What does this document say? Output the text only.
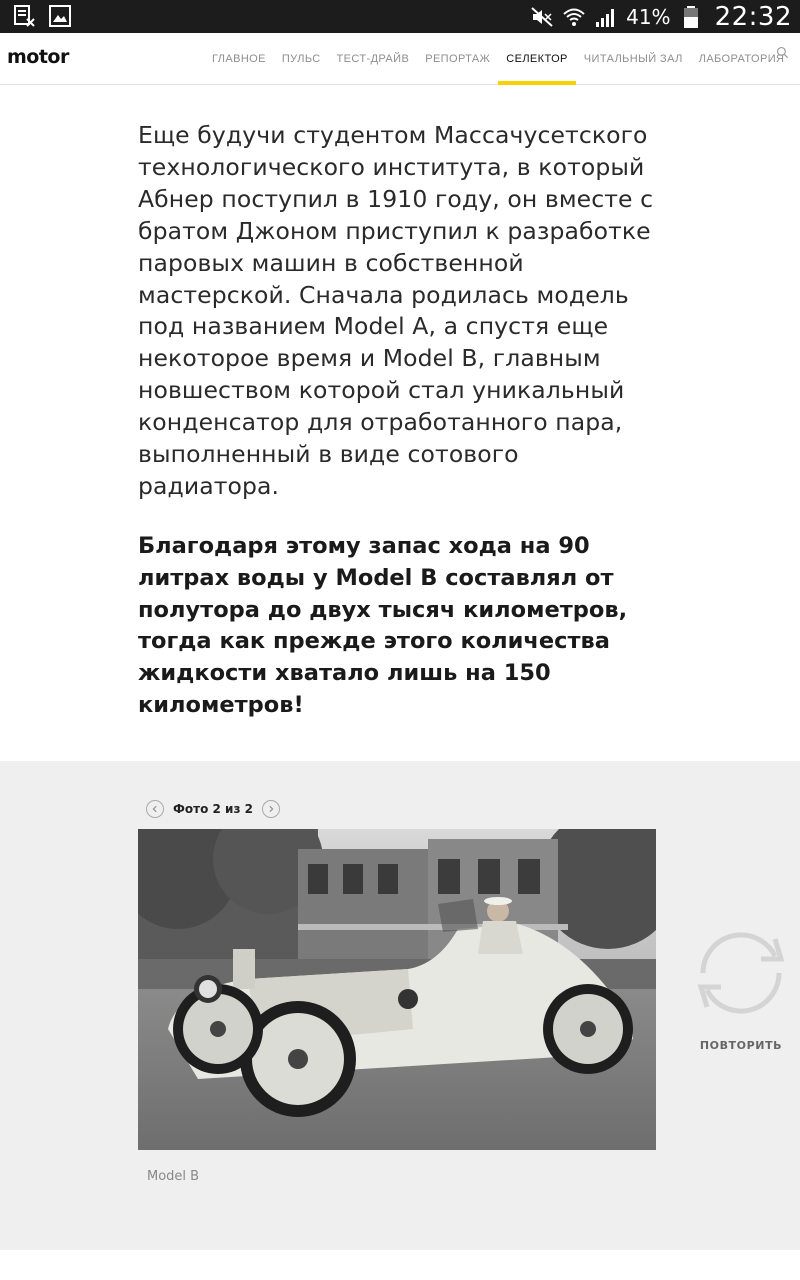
41% 22:32
motor	ГЛАВНОЕ	ПУЛЬС	ТЕСТ-ДРАЙВ	РЕПОРТАЖ	СЕЛЕКТОР	ЧИТАЛЬНЫЙ ЗАЛ	ЛАБОРАТОРИЯ

Еще будучи студентом Массачусетского технологического института, в который Абнер поступил в 1910 году, он вместе с братом Джоном приступил к разработке паровых машин в собственной мастерской. Сначала родилась модель под названием Model A, а спустя еще некоторое время и Model B, главным новшеством которой стал уникальный конденсатор для отработанного пара, выполненный в виде сотового радиатора.

Благодаря этому запас хода на 90 литрах воды у Model B составлял от полутора до двух тысяч километров, тогда как прежде этого количества жидкости хватало лишь на 150 километров!

Фото 2 из 2
Model B
ПОВТОРИТЬ
